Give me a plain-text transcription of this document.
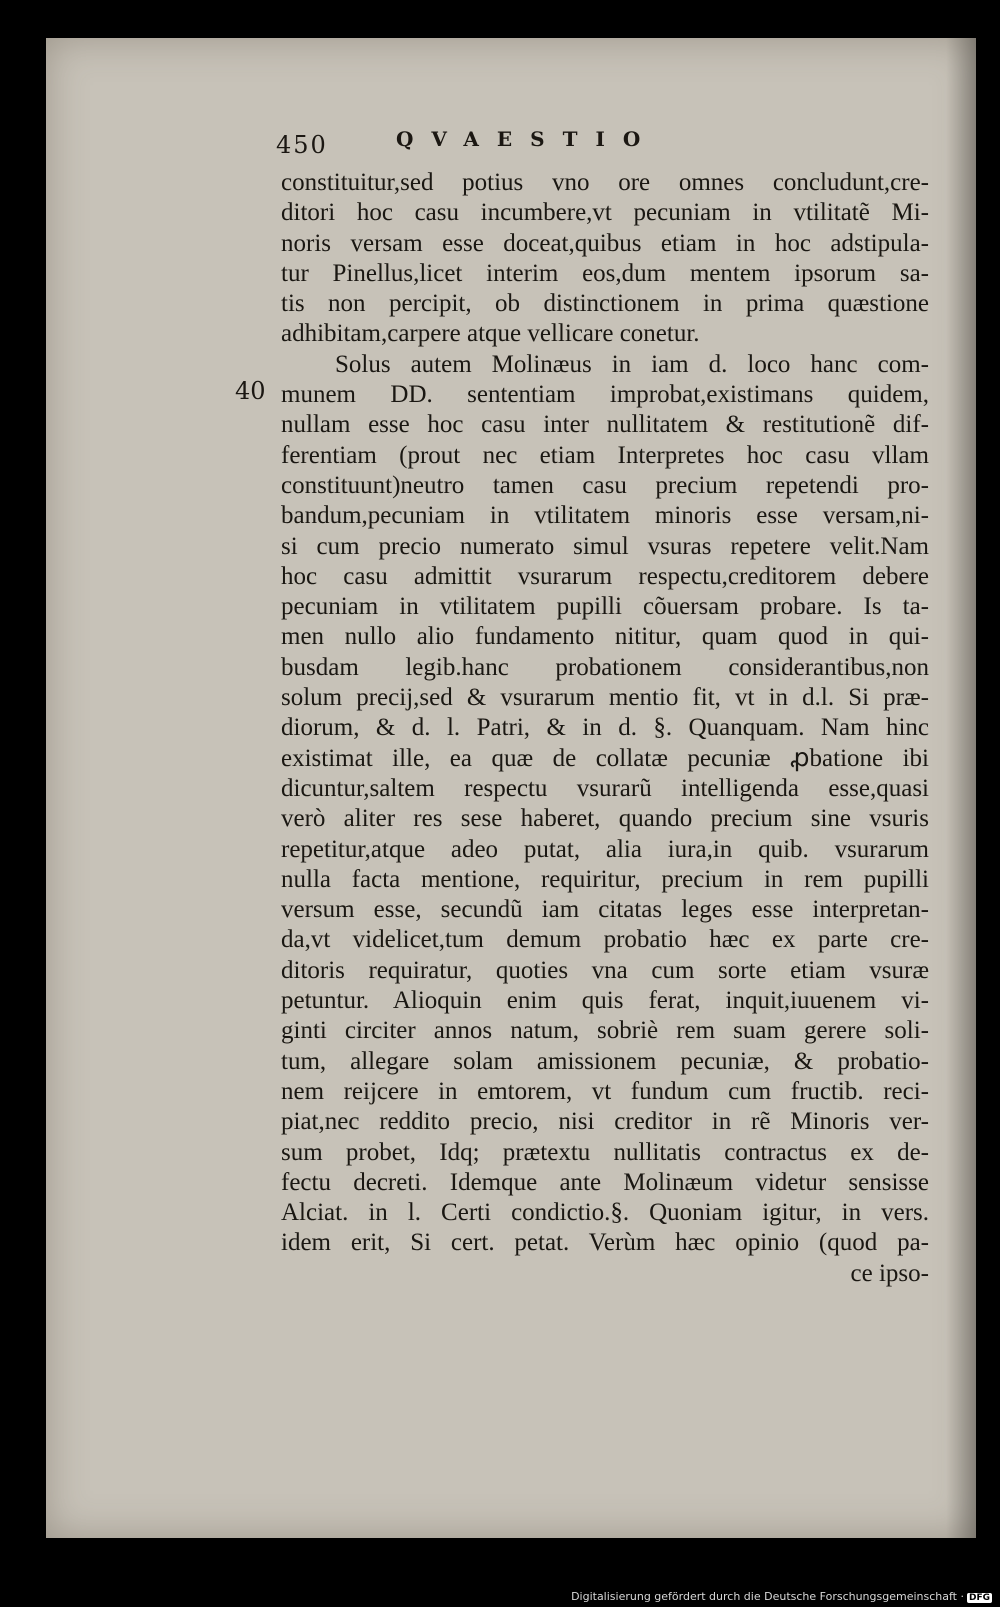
450	QVAESTIO
40
constituitur,sed potius vno ore omnes concludunt,cre-
ditori hoc casu incumbere,vt pecuniam in vtilitatẽ Mi-
noris versam esse doceat,quibus etiam in hoc adstipula-
tur Pinellus,licet interim eos,dum mentem ipsorum sa-
tis non percipit, ob distinctionem in prima quæstione
adhibitam,carpere atque vellicare conetur.
Solus autem Molinæus in iam d. loco hanc com-
munem DD. sententiam improbat,existimans quidem,
nullam esse hoc casu inter nullitatem & restitutionẽ dif-
ferentiam (prout nec etiam Interpretes hoc casu vllam
constituunt)neutro tamen casu precium repetendi pro-
bandum,pecuniam in vtilitatem minoris esse versam,ni-
si cum precio numerato simul vsuras repetere velit.Nam
hoc casu admittit vsurarum respectu,creditorem debere
pecuniam in vtilitatem pupilli cõuersam probare. Is ta-
men nullo alio fundamento nititur, quam quod in qui-
busdam legib.hanc probationem considerantibus,non
solum precij,sed & vsurarum mentio fit, vt in d.l. Si præ-
diorum, & d. l. Patri, & in d. §. Quanquam. Nam hinc
existimat ille, ea quæ de collatæ pecuniæ ꝓbatione ibi
dicuntur,saltem respectu vsurarũ intelligenda esse,quasi
verò aliter res sese haberet, quando precium sine vsuris
repetitur,atque adeo putat, alia iura,in quib. vsurarum
nulla facta mentione, requiritur, precium in rem pupilli
versum esse, secundũ iam citatas leges esse interpretan-
da,vt videlicet,tum demum probatio hæc ex parte cre-
ditoris requiratur, quoties vna cum sorte etiam vsuræ
petuntur. Alioquin enim quis ferat, inquit,iuuenem vi-
ginti circiter annos natum, sobriè rem suam gerere soli-
tum, allegare solam amissionem pecuniæ, & probatio-
nem reijcere in emtorem, vt fundum cum fructib. reci-
piat,nec reddito precio, nisi creditor in rẽ Minoris ver-
sum probet, Idq; prætextu nullitatis contractus ex de-
fectu decreti. Idemque ante Molinæum videtur sensisse
Alciat. in l. Certi condictio.§. Quoniam igitur, in vers.
idem erit, Si cert. petat. Verùm hæc opinio (quod pa-
ce ipso-
Digitalisierung gefördert durch die Deutsche Forschungsgemeinschaft · DFG
